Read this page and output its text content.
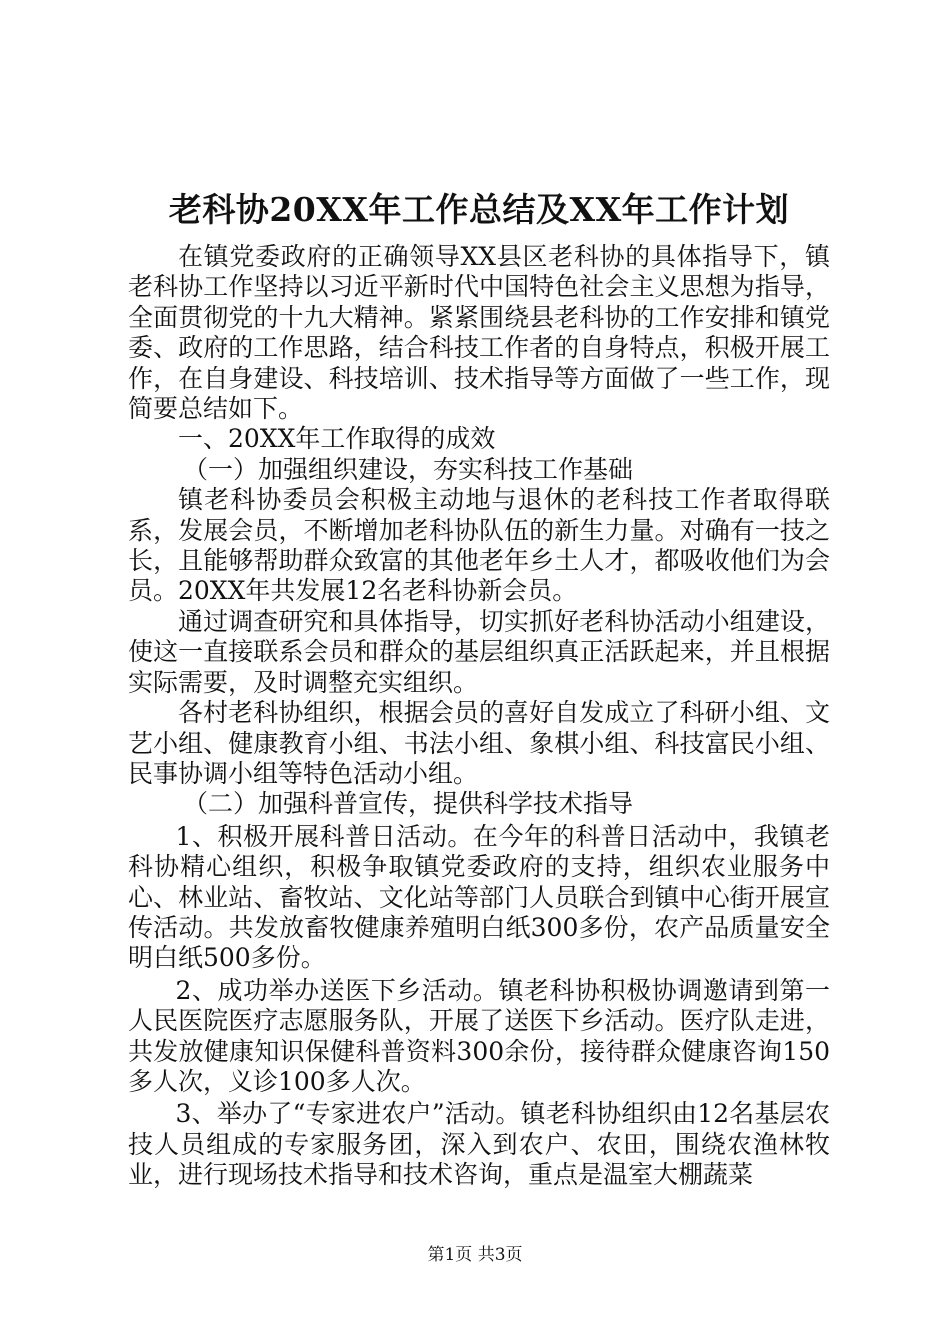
老科协20XX年工作总结及XX年工作计划

在镇党委政府的正确领导XX县区老科协的具体指导下，镇老科协工作坚持以习近平新时代中国特色社会主义思想为指导，全面贯彻党的十九大精神。紧紧围绕县老科协的工作安排和镇党委、政府的工作思路，结合科技工作者的自身特点，积极开展工作，在自身建设、科技培训、技术指导等方面做了一些工作，现简要总结如下。

一、20XX年工作取得的成效

（一）加强组织建设，夯实科技工作基础

镇老科协委员会积极主动地与退休的老科技工作者取得联系，发展会员，不断增加老科协队伍的新生力量。对确有一技之长，且能够帮助群众致富的其他老年乡土人才，都吸收他们为会员。20XX年共发展12名老科协新会员。

通过调查研究和具体指导，切实抓好老科协活动小组建设，使这一直接联系会员和群众的基层组织真正活跃起来，并且根据实际需要，及时调整充实组织。

各村老科协组织，根据会员的喜好自发成立了科研小组、文艺小组、健康教育小组、书法小组、象棋小组、科技富民小组、民事协调小组等特色活动小组。

（二）加强科普宣传，提供科学技术指导

1、积极开展科普日活动。在今年的科普日活动中，我镇老科协精心组织，积极争取镇党委政府的支持，组织农业服务中心、林业站、畜牧站、文化站等部门人员联合到镇中心街开展宣传活动。共发放畜牧健康养殖明白纸300多份，农产品质量安全明白纸500多份。

2、成功举办送医下乡活动。镇老科协积极协调邀请到第一人民医院医疗志愿服务队，开展了送医下乡活动。医疗队走进，共发放健康知识保健科普资料300余份，接待群众健康咨询150多人次，义诊100多人次。

3、举办了“专家进农户”活动。镇老科协组织由12名基层农技人员组成的专家服务团，深入到农户、农田，围绕农渔林牧业，进行现场技术指导和技术咨询，重点是温室大棚蔬菜

第1页 共3页
